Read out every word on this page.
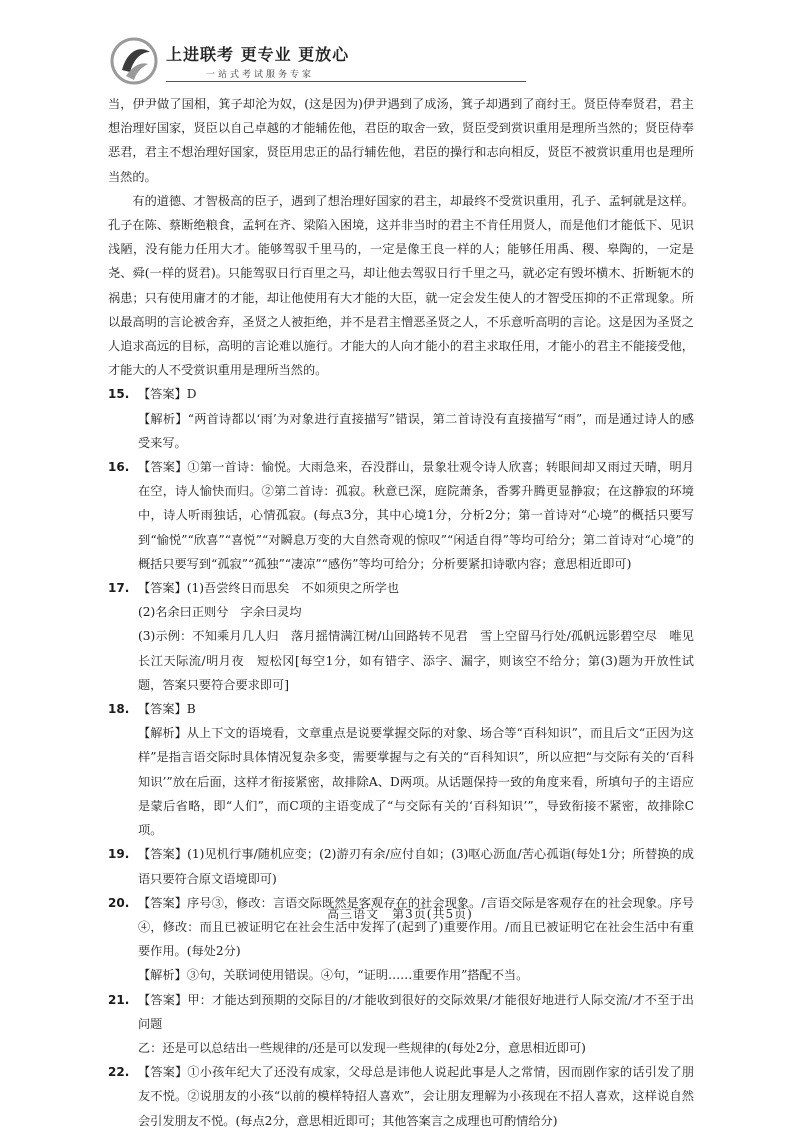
上进联考 更专业 更放心
一站式考试服务专家

当，伊尹做了国相，箕子却沦为奴，(这是因为)伊尹遇到了成汤，箕子却遇到了商纣王。贤臣侍奉贤君，君主想治理好国家，贤臣以自己卓越的才能辅佐他，君臣的取舍一致，贤臣受到赏识重用是理所当然的；贤臣侍奉恶君，君主不想治理好国家，贤臣用忠正的品行辅佐他，君臣的操行和志向相反，贤臣不被赏识重用也是理所当然的。

有的道德、才智极高的臣子，遇到了想治理好国家的君主，却最终不受赏识重用，孔子、孟轲就是这样。孔子在陈、蔡断绝粮食，孟轲在齐、梁陷入困境，这并非当时的君主不肯任用贤人，而是他们才能低下、见识浅陋，没有能力任用大才。能够驾驭千里马的，一定是像王良一样的人；能够任用禹、稷、皋陶的，一定是尧、舜(一样的贤君)。只能驾驭日行百里之马，却让他去驾驭日行千里之马，就必定有毁坏横木、折断轭木的祸患；只有使用庸才的才能，却让他使用有大才能的大臣，就一定会发生使人的才智受压抑的不正常现象。所以最高明的言论被舍弃，圣贤之人被拒绝，并不是君主憎恶圣贤之人，不乐意听高明的言论。这是因为圣贤之人追求高远的目标，高明的言论难以施行。才能大的人向才能小的君主求取任用，才能小的君主不能接受他，才能大的人不受赏识重用是理所当然的。

15. 【答案】D

【解析】“两首诗都以‘雨’为对象进行直接描写”错误，第二首诗没有直接描写“雨”，而是通过诗人的感受来写。

16. 【答案】①第一首诗：愉悦。大雨急来，吞没群山，景象壮观令诗人欣喜；转眼间却又雨过天晴，明月在空，诗人愉快而归。②第二首诗：孤寂。秋意已深，庭院萧条，香雾升腾更显静寂；在这静寂的环境中，诗人听雨独话，心情孤寂。(每点3分，其中心境1分，分析2分；第一首诗对“心境”的概括只要写到“愉悦”“欣喜”“喜悦”“对瞬息万变的大自然奇观的惊叹”“闲适自得”等均可给分；第二首诗对“心境”的概括只要写到“孤寂”“孤独”“凄凉”“感伤”等均可给分；分析要紧扣诗歌内容；意思相近即可)

17. 【答案】(1)吾尝终日而思矣　不如须臾之所学也

(2)名余曰正则兮　字余曰灵均

(3)示例：不知乘月几人归　落月摇情满江树/山回路转不见君　雪上空留马行处/孤帆远影碧空尽　唯见长江天际流/明月夜　短松冈[每空1分，如有错字、添字、漏字，则该空不给分；第(3)题为开放性试题，答案只要符合要求即可]

18. 【答案】B

【解析】从上下文的语境看，文章重点是说要掌握交际的对象、场合等“百科知识”，而且后文“正因为这样”是指言语交际时具体情况复杂多变，需要掌握与之有关的“百科知识”，所以应把“与交际有关的‘百科知识’”放在后面，这样才衔接紧密，故排除A、D两项。从话题保持一致的角度来看，所填句子的主语应是蒙后省略，即“人们”，而C项的主语变成了“与交际有关的‘百科知识’”，导致衔接不紧密，故排除C项。

19. 【答案】(1)见机行事/随机应变；(2)游刃有余/应付自如；(3)呕心沥血/苦心孤诣(每处1分；所替换的成语只要符合原文语境即可)

20. 【答案】序号③，修改：言语交际既然是客观存在的社会现象。/言语交际是客观存在的社会现象。序号④，修改：而且已被证明它在社会生活中发挥了(起到了)重要作用。/而且已被证明它在社会生活中有重要作用。(每处2分)

【解析】③句，关联词使用错误。④句，“证明……重要作用”搭配不当。

21. 【答案】甲：才能达到预期的交际目的/才能收到很好的交际效果/才能很好地进行人际交流/才不至于出问题

乙：还是可以总结出一些规律的/还是可以发现一些规律的(每处2分，意思相近即可)

22. 【答案】①小孩年纪大了还没有成家，父母总是讳他人说起此事是人之常情，因而剧作家的话引发了朋友不悦。②说朋友的小孩“以前的模样特招人喜欢”，会让朋友理解为小孩现在不招人喜欢，这样说自然会引发朋友不悦。(每点2分，意思相近即可；其他答案言之成理也可酌情给分)

高三语文　第3页(共5页)
